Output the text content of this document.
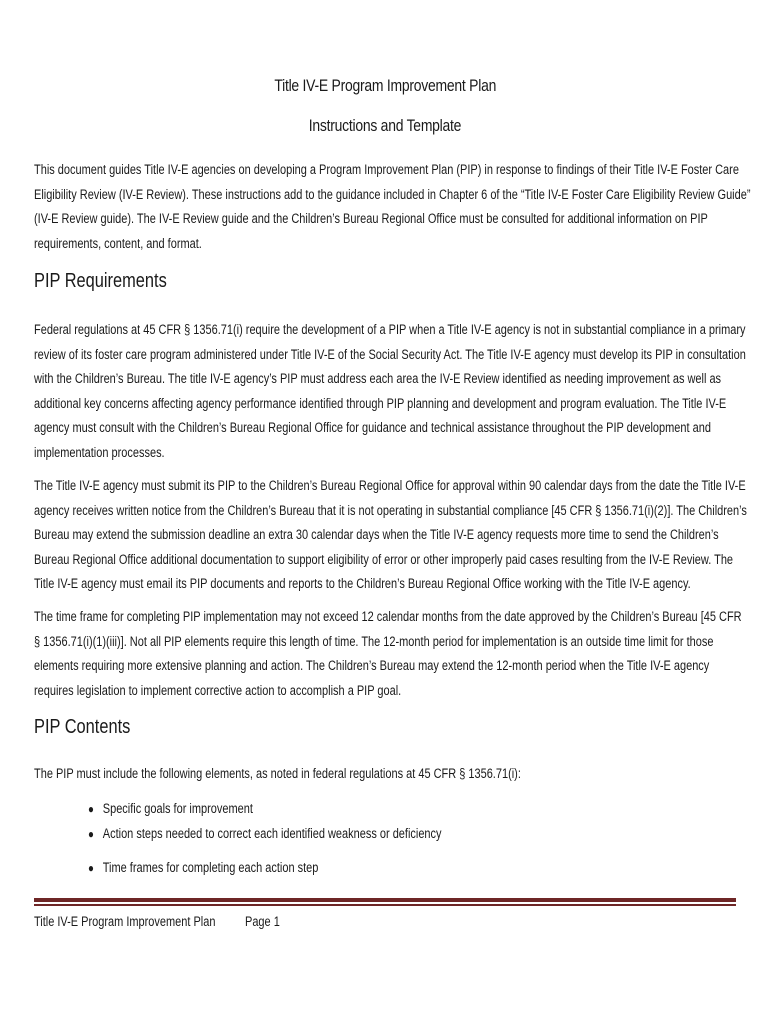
Title IV-E Program Improvement Plan
Instructions and Template
This document guides Title IV-E agencies on developing a Program Improvement Plan (PIP) in response to findings of their Title IV-E Foster Care
Eligibility Review (IV-E Review). These instructions add to the guidance included in Chapter 6 of the “Title IV-E Foster Care Eligibility Review Guide”
(IV-E Review guide). The IV-E Review guide and the Children’s Bureau Regional Office must be consulted for additional information on PIP
requirements, content, and format.
PIP Requirements
Federal regulations at 45 CFR § 1356.71(i) require the development of a PIP when a Title IV-E agency is not in substantial compliance in a primary
review of its foster care program administered under Title IV-E of the Social Security Act. The Title IV-E agency must develop its PIP in consultation
with the Children’s Bureau. The title IV-E agency’s PIP must address each area the IV-E Review identified as needing improvement as well as
additional key concerns affecting agency performance identified through PIP planning and development and program evaluation. The Title IV-E
agency must consult with the Children’s Bureau Regional Office for guidance and technical assistance throughout the PIP development and
implementation processes.
The Title IV-E agency must submit its PIP to the Children’s Bureau Regional Office for approval within 90 calendar days from the date the Title IV-E
agency receives written notice from the Children’s Bureau that it is not operating in substantial compliance [45 CFR § 1356.71(i)(2)]. The Children’s
Bureau may extend the submission deadline an extra 30 calendar days when the Title IV-E agency requests more time to send the Children’s
Bureau Regional Office additional documentation to support eligibility of error or other improperly paid cases resulting from the IV-E Review. The
Title IV-E agency must email its PIP documents and reports to the Children’s Bureau Regional Office working with the Title IV-E agency.
The time frame for completing PIP implementation may not exceed 12 calendar months from the date approved by the Children’s Bureau [45 CFR
§ 1356.71(i)(1)(iii)]. Not all PIP elements require this length of time. The 12-month period for implementation is an outside time limit for those
elements requiring more extensive planning and action. The Children’s Bureau may extend the 12-month period when the Title IV-E agency
requires legislation to implement corrective action to accomplish a PIP goal.
PIP Contents
The PIP must include the following elements, as noted in federal regulations at 45 CFR § 1356.71(i):
● Specific goals for improvement
● Action steps needed to correct each identified weakness or deficiency
● Time frames for completing each action step
Title IV-E Program Improvement Plan Page 1
